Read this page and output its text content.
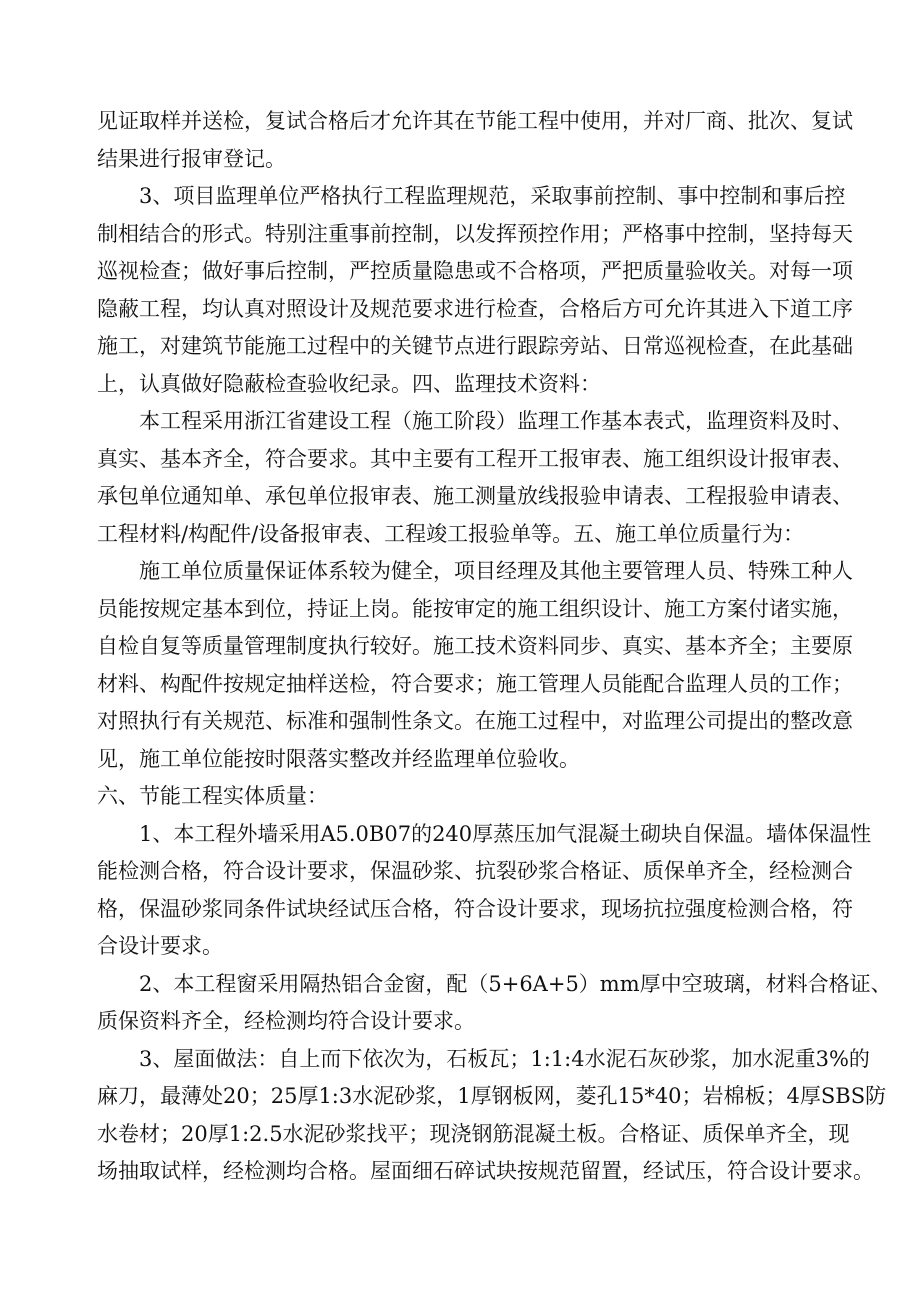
见证取样并送检，复试合格后才允许其在节能工程中使用，并对厂商、批次、复试
结果进行报审登记。
3、项目监理单位严格执行工程监理规范，采取事前控制、事中控制和事后控
制相结合的形式。特别注重事前控制，以发挥预控作用；严格事中控制，坚持每天
巡视检查；做好事后控制，严控质量隐患或不合格项，严把质量验收关。对每一项
隐蔽工程，均认真对照设计及规范要求进行检查，合格后方可允许其进入下道工序
施工，对建筑节能施工过程中的关键节点进行跟踪旁站、日常巡视检查，在此基础
上，认真做好隐蔽检查验收纪录。四、监理技术资料：
本工程采用浙江省建设工程（施工阶段）监理工作基本表式，监理资料及时、
真实、基本齐全，符合要求。其中主要有工程开工报审表、施工组织设计报审表、
承包单位通知单、承包单位报审表、施工测量放线报验申请表、工程报验申请表、
工程材料/构配件/设备报审表、工程竣工报验单等。五、施工单位质量行为：
施工单位质量保证体系较为健全，项目经理及其他主要管理人员、特殊工种人
员能按规定基本到位，持证上岗。能按审定的施工组织设计、施工方案付诸实施，
自检自复等质量管理制度执行较好。施工技术资料同步、真实、基本齐全；主要原
材料、构配件按规定抽样送检，符合要求；施工管理人员能配合监理人员的工作；
对照执行有关规范、标准和强制性条文。在施工过程中，对监理公司提出的整改意
见，施工单位能按时限落实整改并经监理单位验收。
六、节能工程实体质量：
1、本工程外墙采用A5.0B07的240厚蒸压加气混凝土砌块自保温。墙体保温性
能检测合格，符合设计要求，保温砂浆、抗裂砂浆合格证、质保单齐全，经检测合
格，保温砂浆同条件试块经试压合格，符合设计要求，现场抗拉强度检测合格，符
合设计要求。
2、本工程窗采用隔热铝合金窗，配（5+6A+5）mm厚中空玻璃，材料合格证、
质保资料齐全，经检测均符合设计要求。
3、屋面做法：自上而下依次为，石板瓦；1:1:4水泥石灰砂浆，加水泥重3%的
麻刀，最薄处20；25厚1:3水泥砂浆，1厚钢板网，菱孔15*40；岩棉板；4厚SBS防
水卷材；20厚1:2.5水泥砂浆找平；现浇钢筋混凝土板。合格证、质保单齐全，现
场抽取试样，经检测均合格。屋面细石碎试块按规范留置，经试压，符合设计要求。
